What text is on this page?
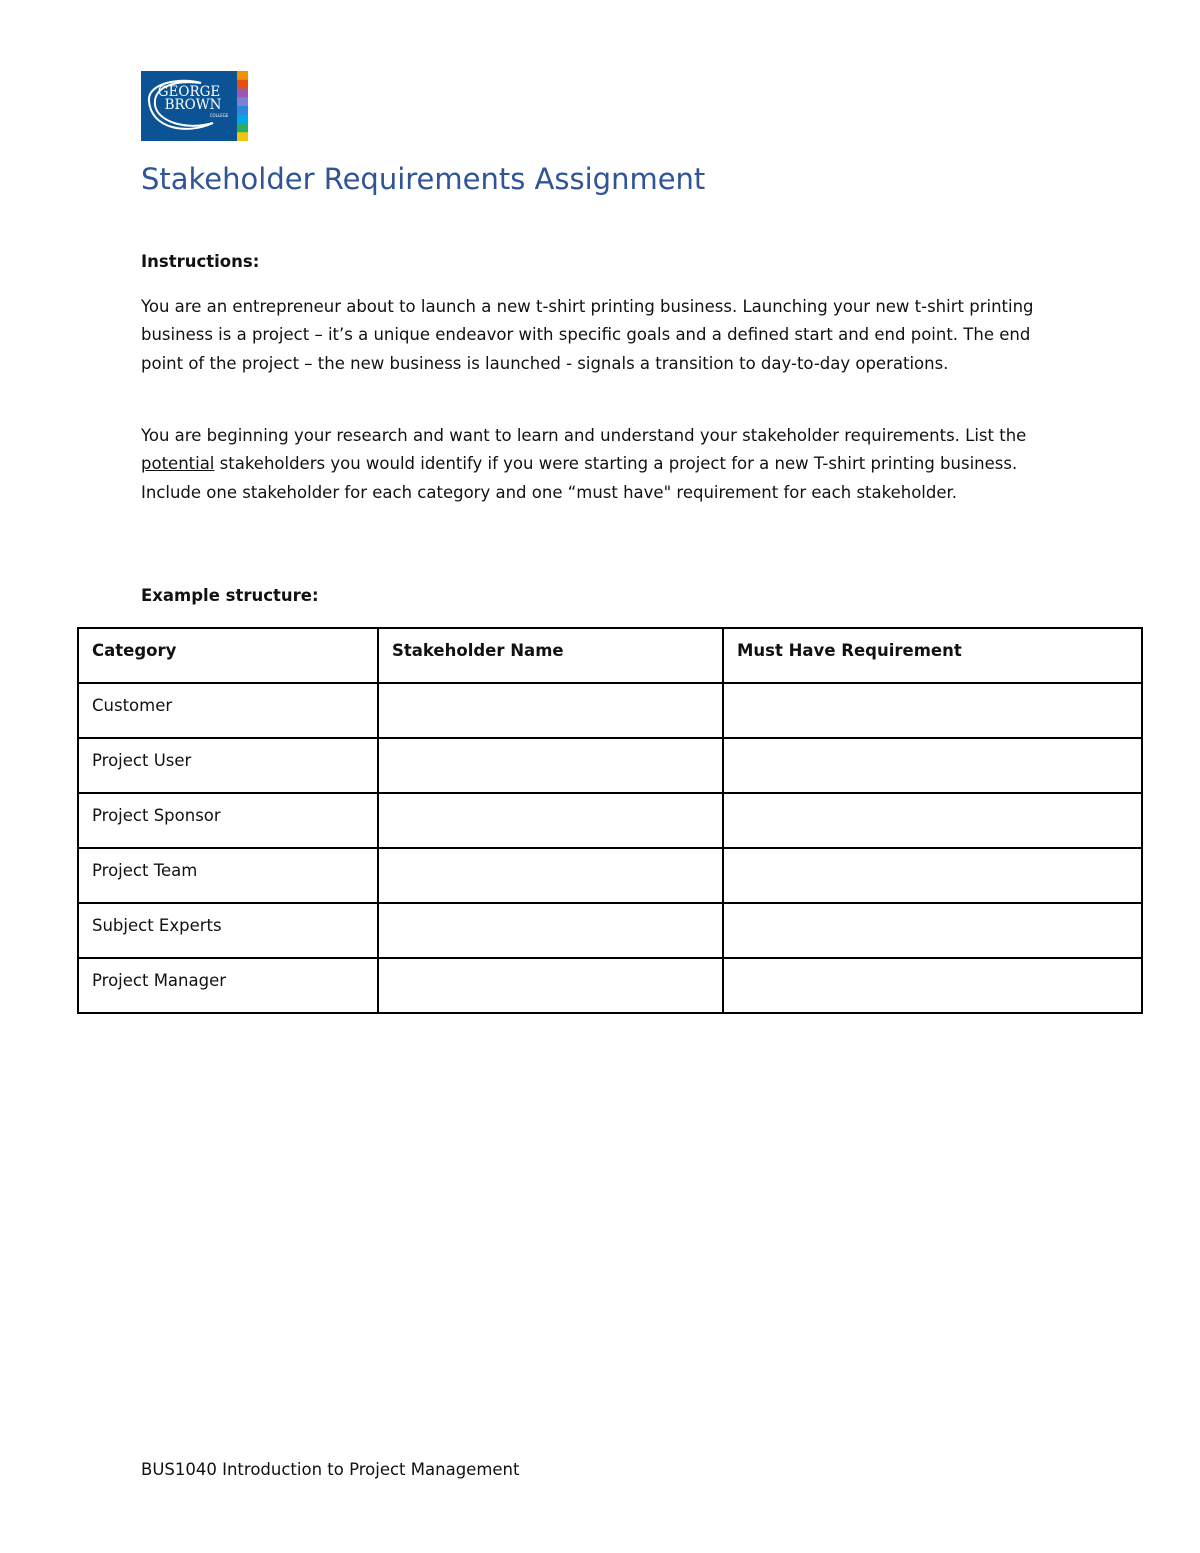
GEORGE
BROWN
COLLEGE
Stakeholder Requirements Assignment

Instructions:

You are an entrepreneur about to launch a new t-shirt printing business. Launching your new t-shirt printing business is a project – it’s a unique endeavor with specific goals and a defined start and end point. The end point of the project – the new business is launched - signals a transition to day-to-day operations.

You are beginning your research and want to learn and understand your stakeholder requirements. List the potential stakeholders you would identify if you were starting a project for a new T-shirt printing business. Include one stakeholder for each category and one “must have" requirement for each stakeholder.

Example structure:

Category	Stakeholder Name	Must Have Requirement

Customer		

Project User		

Project Sponsor		

Project Team		

Subject Experts		

Project Manager		

BUS1040 Introduction to Project Management
